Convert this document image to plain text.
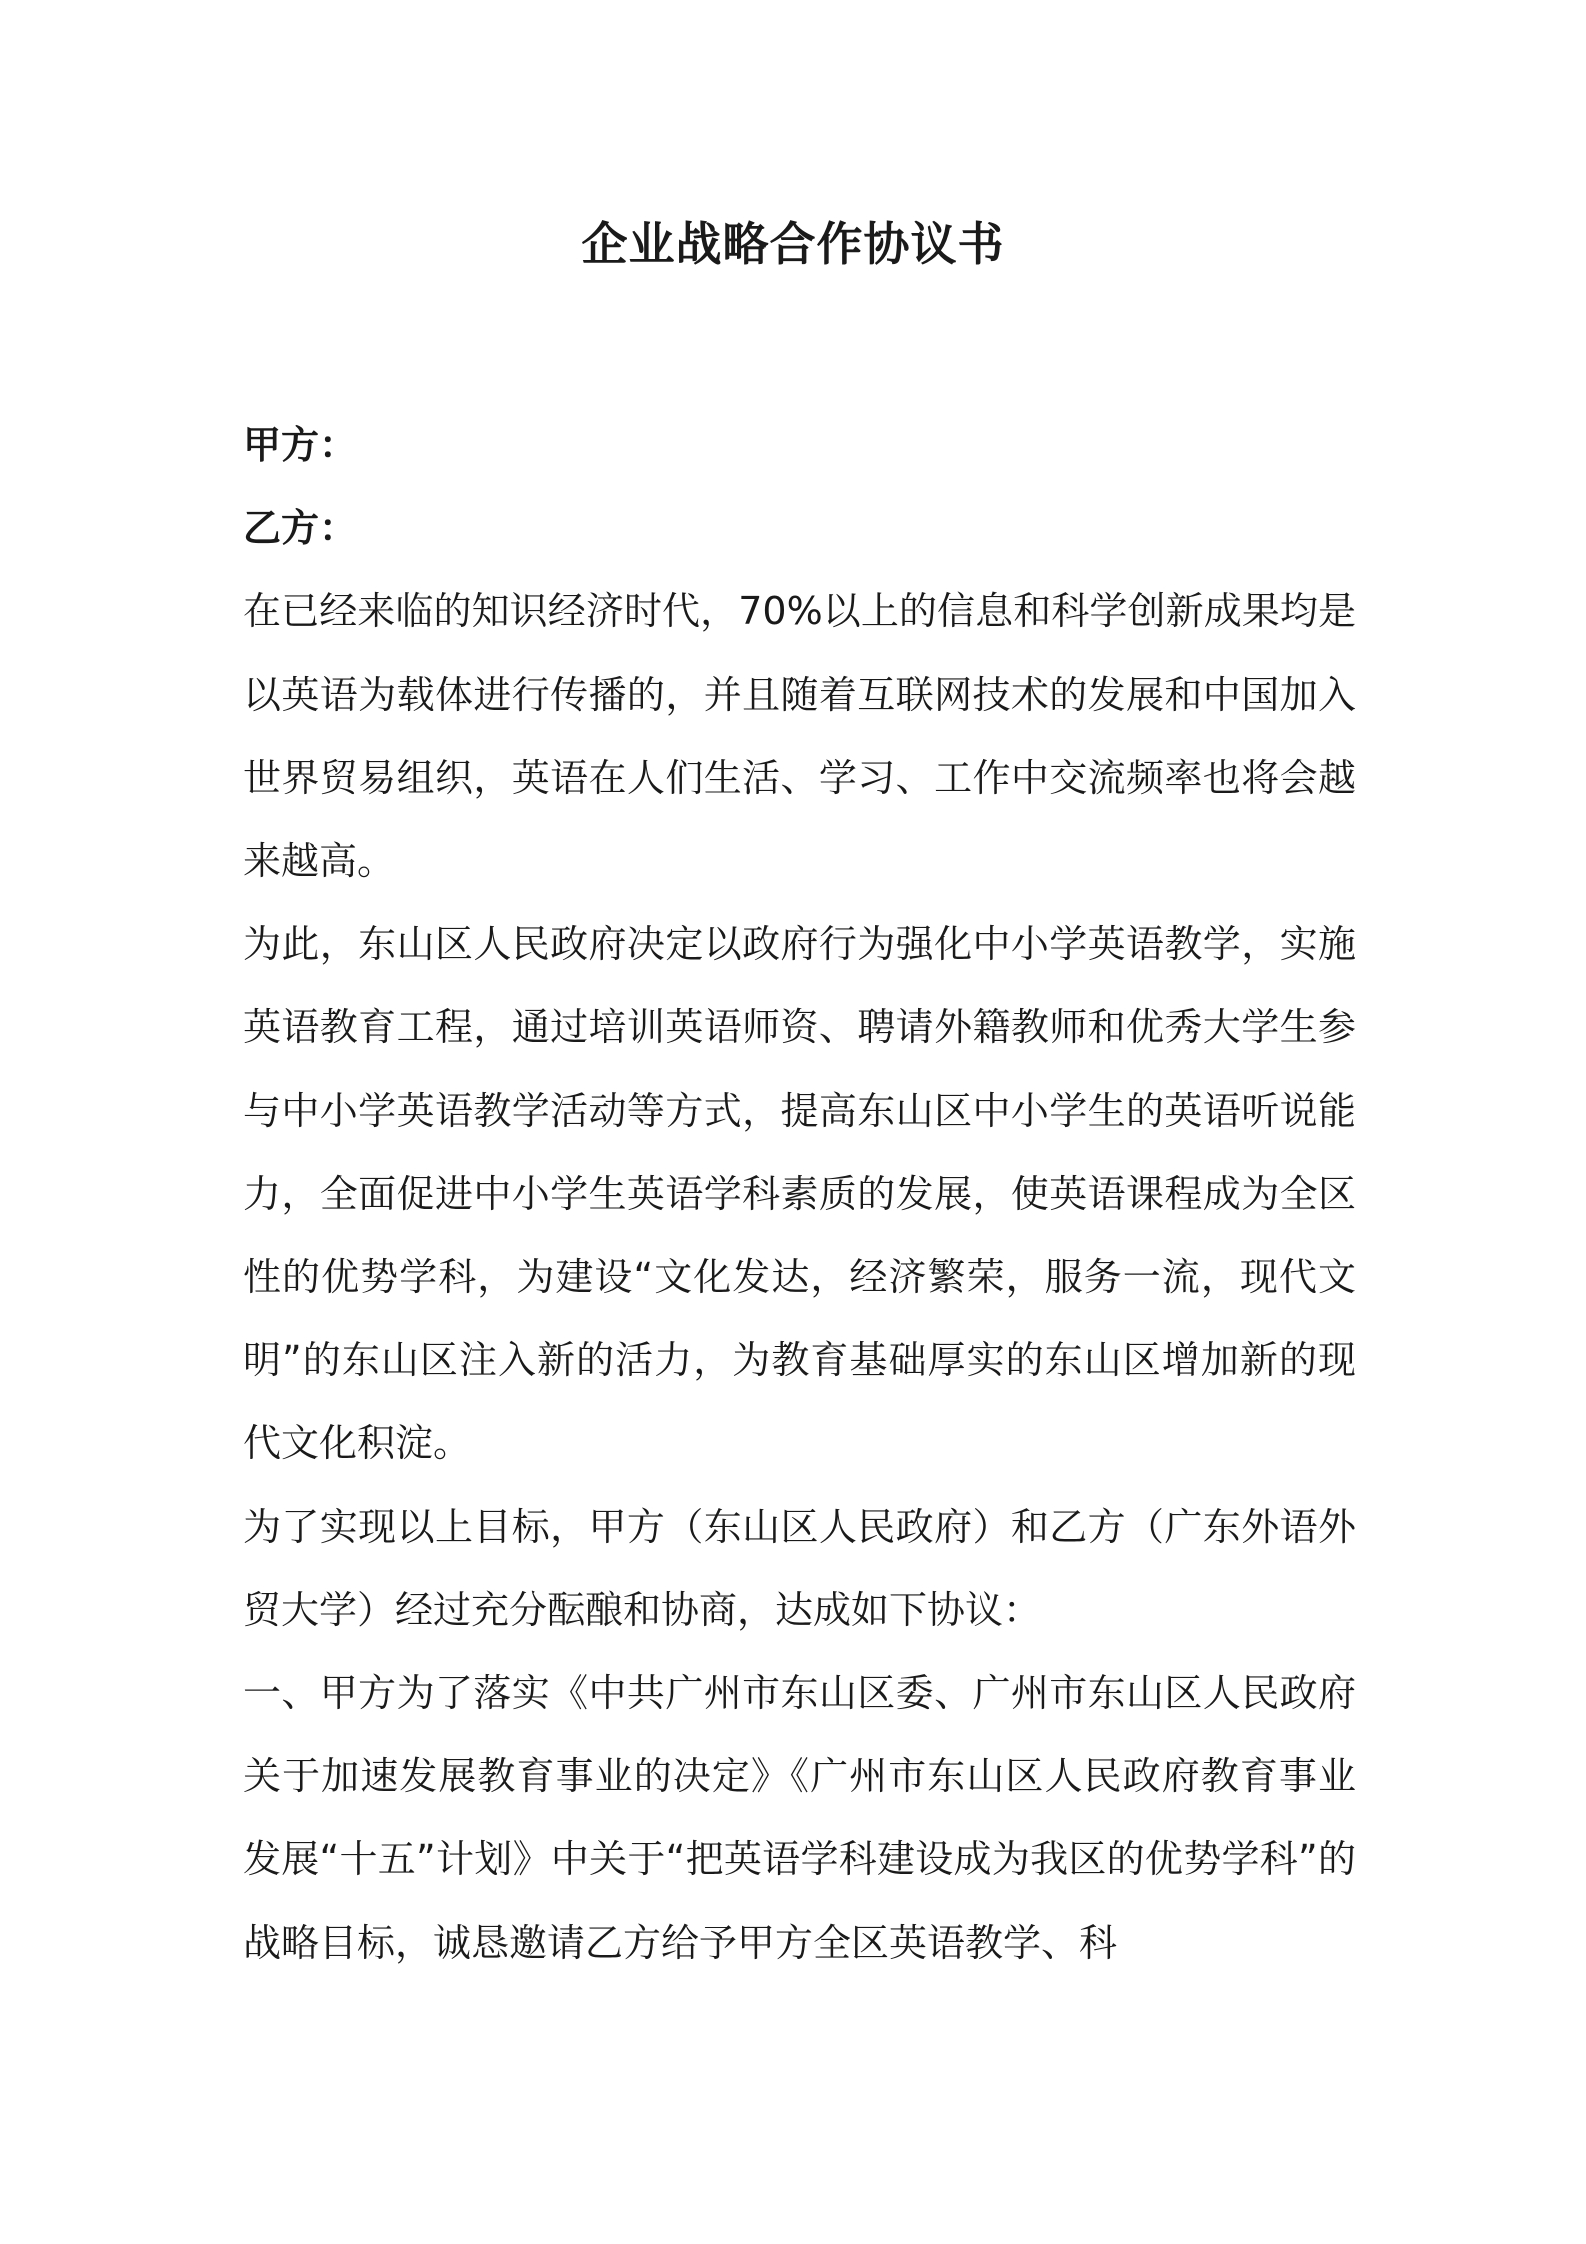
企业战略合作协议书
甲方：
乙方：
在已经来临的知识经济时代，70%以上的信息和科学创新成果均是以英语为载体进行传播的，并且随着互联网技术的发展和中国加入世界贸易组织，英语在人们生活、学习、工作中交流频率也将会越来越高。
为此，东山区人民政府决定以政府行为强化中小学英语教学，实施英语教育工程，通过培训英语师资、聘请外籍教师和优秀大学生参与中小学英语教学活动等方式，提高东山区中小学生的英语听说能力，全面促进中小学生英语学科素质的发展，使英语课程成为全区性的优势学科，为建设“文化发达，经济繁荣，服务一流，现代文明”的东山区注入新的活力，为教育基础厚实的东山区增加新的现代文化积淀。
为了实现以上目标，甲方（东山区人民政府）和乙方（广东外语外贸大学）经过充分酝酿和协商，达成如下协议：
一、甲方为了落实《中共广州市东山区委、广州市东山区人民政府关于加速发展教育事业的决定》《广州市东山区人民政府教育事业发展“十五”计划》中关于“把英语学科建设成为我区的优势学科”的战略目标，诚恳邀请乙方给予甲方全区英语教学、科
